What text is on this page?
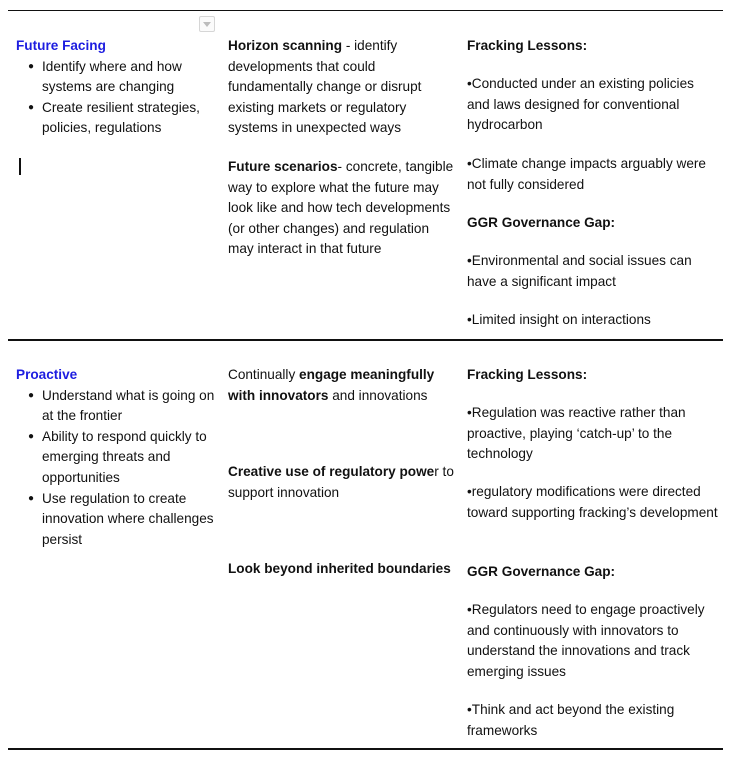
Future Facing
● Identify where and how systems are changing
● Create resilient strategies, policies, regulations
Horizon scanning - identify developments that could fundamentally change or disrupt existing markets or regulatory systems in unexpected ways
Future scenarios- concrete, tangible way to explore what the future may look like and how tech developments (or other changes) and regulation may interact in that future
Fracking Lessons:
•Conducted under an existing policies and laws designed for conventional hydrocarbon
•Climate change impacts arguably were not fully considered
GGR Governance Gap:
•Environmental and social issues can have a significant impact
•Limited insight on interactions
Proactive
● Understand what is going on at the frontier
● Ability to respond quickly to emerging threats and opportunities
● Use regulation to create innovation where challenges persist
Continually engage meaningfully with innovators and innovations
Creative use of regulatory power to support innovation
Look beyond inherited boundaries
Fracking Lessons:
•Regulation was reactive rather than proactive, playing ‘catch-up’ to the technology
•regulatory modifications were directed toward supporting fracking’s development
GGR Governance Gap:
•Regulators need to engage proactively and continuously with innovators to understand the innovations and track emerging issues
•Think and act beyond the existing frameworks
